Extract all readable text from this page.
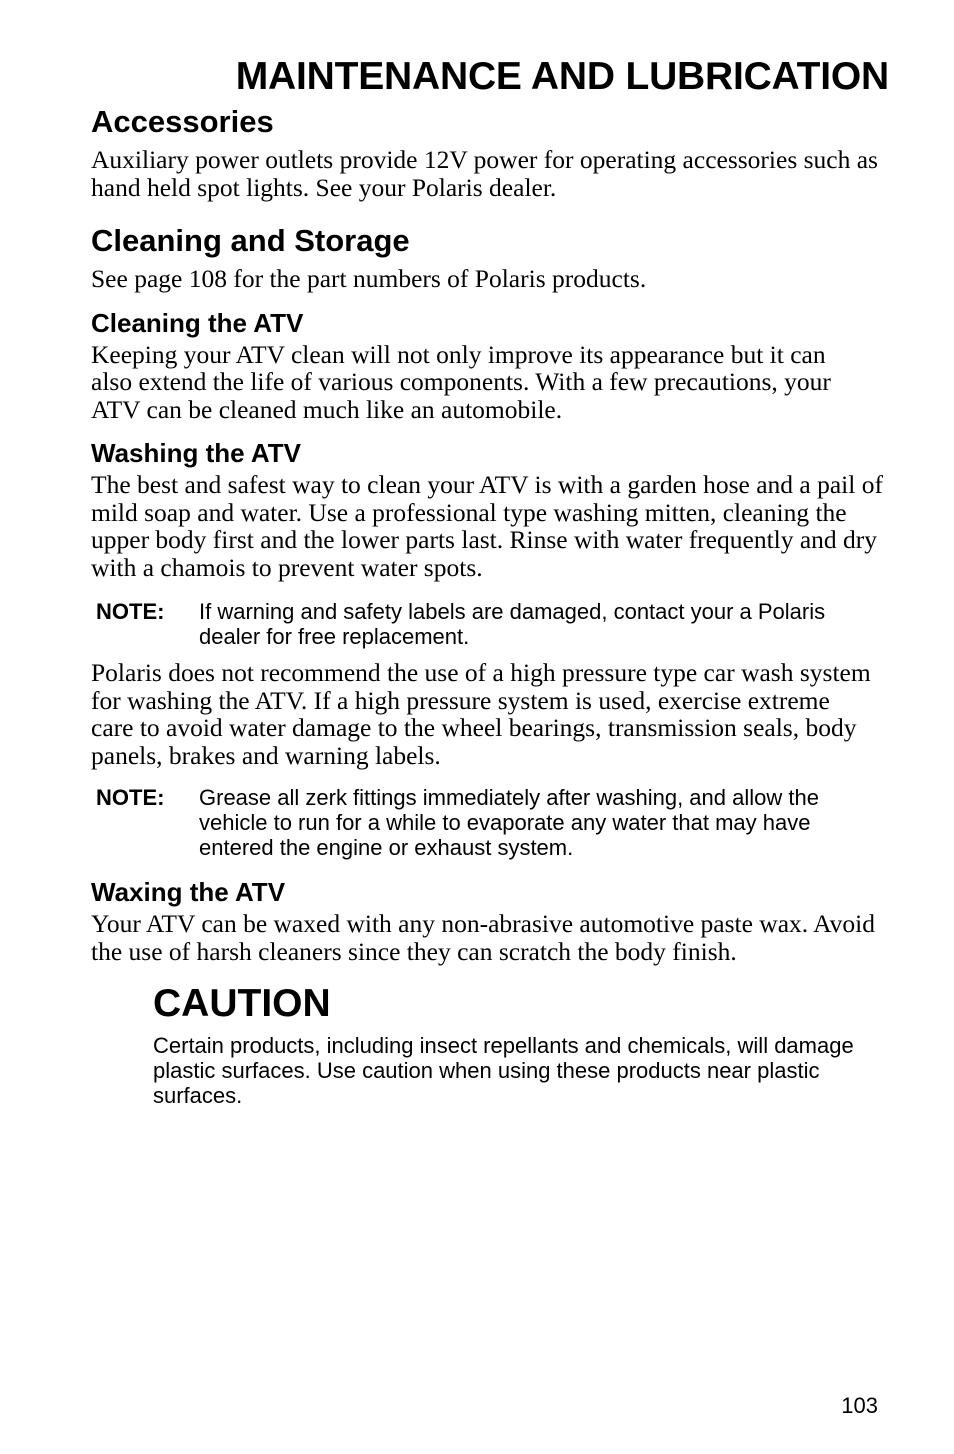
MAINTENANCE AND LUBRICATION
Accessories

Auxiliary power outlets provide 12V power for operating accessories such as hand held spot lights. See your Polaris dealer.

Cleaning and Storage

See page 108 for the part numbers of Polaris products.

Cleaning the ATV

Keeping your ATV clean will not only improve its appearance but it can also extend the life of various components. With a few precautions, your ATV can be cleaned much like an automobile.

Washing the ATV

The best and safest way to clean your ATV is with a garden hose and a pail of mild soap and water. Use a professional type washing mitten, cleaning the upper body first and the lower parts last. Rinse with water frequently and dry with a chamois to prevent water spots.

NOTE:	If warning and safety labels are damaged, contact your a Polaris dealer for free replacement.

Polaris does not recommend the use of a high pressure type car wash system for washing the ATV. If a high pressure system is used, exercise extreme care to avoid water damage to the wheel bearings, transmission seals, body panels, brakes and warning labels.

NOTE:	Grease all zerk fittings immediately after washing, and allow the vehicle to run for a while to evaporate any water that may have entered the engine or exhaust system.
Waxing the ATV

Your ATV can be waxed with any non-abrasive automotive paste wax. Avoid the use of harsh cleaners since they can scratch the body finish.

CAUTION

Certain products, including insect repellants and chemicals, will damage plastic surfaces. Use caution when using these products near plastic surfaces.

103
